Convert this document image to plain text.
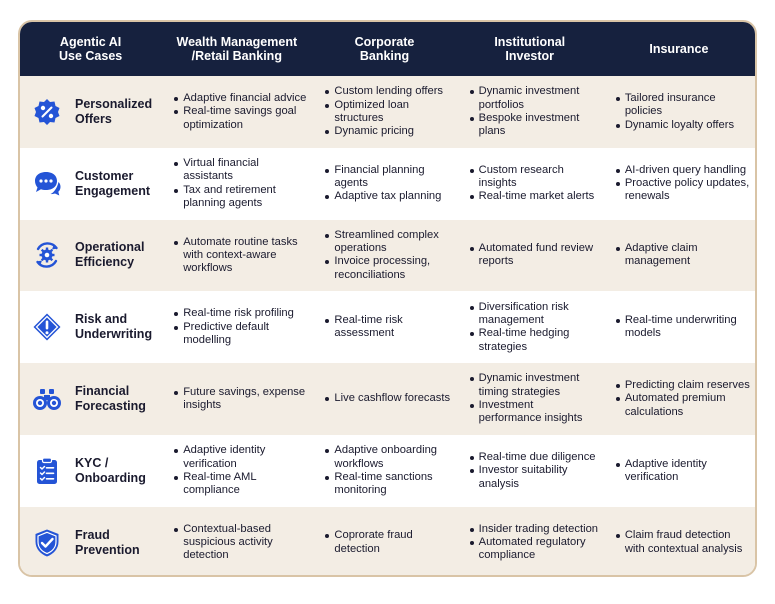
Agentic AI
Use Cases
Wealth Management
/Retail Banking
Corporate
Banking
Institutional
Investor	Insurance
Personalized
Offers
Adaptive financial advice
Real-time savings goal optimization
Custom lending offers
Optimized loan structures
Dynamic pricing
Dynamic investment portfolios
Bespoke investment plans
Tailored insurance policies
Dynamic loyalty offers
Customer
Engagement
Virtual financial assistants
Tax and retirement planning agents
Financial planning agents
Adaptive tax planning
Custom research insights
Real-time market alerts
AI-driven query handling
Proactive policy updates, renewals
Operational
Efficiency
Automate routine tasks with context-aware workflows
Streamlined complex operations
Invoice processing, reconciliations
Automated fund review reports
Adaptive claim management
Risk and
Underwriting
Real-time risk profiling
Predictive default modelling
Real-time risk assessment
Diversification risk management
Real-time hedging strategies
Real-time underwriting models
Financial
Forecasting
Future savings, expense insights
Live cashflow forecasts
Dynamic investment timing strategies
Investment performance insights
Predicting claim reserves
Automated premium calculations
KYC /
Onboarding
Adaptive identity verification
Real-time AML compliance
Adaptive onboarding workflows
Real-time sanctions monitoring
Real-time due diligence
Investor suitability analysis
Adaptive identity verification
Fraud
Prevention
Contextual-based suspicious activity detection
Coprorate fraud detection
Insider trading detection
Automated regulatory compliance
Claim fraud detection with contextual analysis
